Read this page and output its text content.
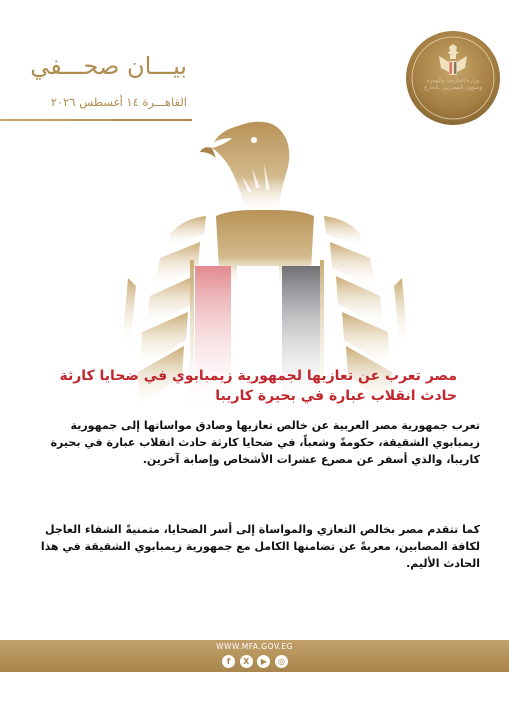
بيـــان صحـــفي
القاهـــرة ١٤ أغسطس ٢٠٢٦
وزارة الخارجية والهجرة وشؤون المصريين بالخارج
مصر تعرب عن تعازيها لجمهورية زيمبابوي في ضحايا كارثة حادث انقلاب عبارة في بحيرة كاريبا
تعرب جمهورية مصر العربية عن خالص تعازيها وصادق مواساتها إلى جمهورية زيمبابوي الشقيقة، حكومةً وشعباً، في ضحايا كارثة حادث انقلاب عبارة في بحيرة كاريبا، والذي أسفر عن مصرع عشرات الأشخاص وإصابة آخرين.
كما تتقدم مصر بخالص التعازي والمواساة إلى أسر الضحايا، متمنيةً الشفاء العاجل لكافة المصابين، معربةً عن تضامنها الكامل مع جمهورية زيمبابوي الشقيقة في هذا الحادث الأليم.
WWW.MFA.GOV.EG
f	X	▶	◎
